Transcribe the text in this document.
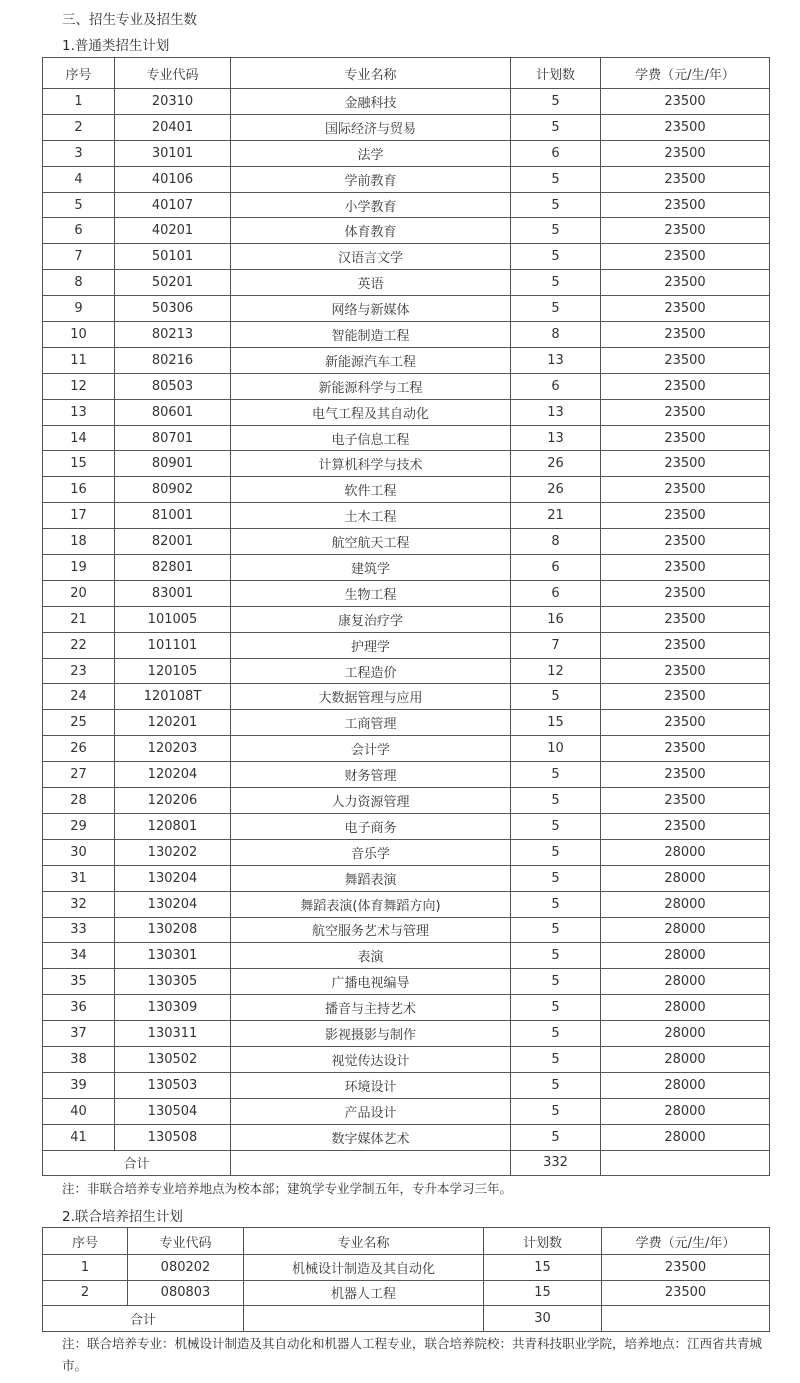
三、招生专业及招生数
1.普通类招生计划
序号	专业代码	专业名称	计划数	学费（元/生/年）
1	20310	金融科技	5	23500
2	20401	国际经济与贸易	5	23500
3	30101	法学	6	23500
4	40106	学前教育	5	23500
5	40107	小学教育	5	23500
6	40201	体育教育	5	23500
7	50101	汉语言文学	5	23500
8	50201	英语	5	23500
9	50306	网络与新媒体	5	23500
10	80213	智能制造工程	8	23500
11	80216	新能源汽车工程	13	23500
12	80503	新能源科学与工程	6	23500
13	80601	电气工程及其自动化	13	23500
14	80701	电子信息工程	13	23500
15	80901	计算机科学与技术	26	23500
16	80902	软件工程	26	23500
17	81001	土木工程	21	23500
18	82001	航空航天工程	8	23500
19	82801	建筑学	6	23500
20	83001	生物工程	6	23500
21	101005	康复治疗学	16	23500
22	101101	护理学	7	23500
23	120105	工程造价	12	23500
24	120108T	大数据管理与应用	5	23500
25	120201	工商管理	15	23500
26	120203	会计学	10	23500
27	120204	财务管理	5	23500
28	120206	人力资源管理	5	23500
29	120801	电子商务	5	23500
30	130202	音乐学	5	28000
31	130204	舞蹈表演	5	28000
32	130204	舞蹈表演(体育舞蹈方向)	5	28000
33	130208	航空服务艺术与管理	5	28000
34	130301	表演	5	28000
35	130305	广播电视编导	5	28000
36	130309	播音与主持艺术	5	28000
37	130311	影视摄影与制作	5	28000
38	130502	视觉传达设计	5	28000
39	130503	环境设计	5	28000
40	130504	产品设计	5	28000
41	130508	数字媒体艺术	5	28000
合计			332	
注：非联合培养专业培养地点为校本部；建筑学专业学制五年，专升本学习三年。
2.联合培养招生计划
序号	专业代码	专业名称	计划数	学费（元/生/年）
1	080202	机械设计制造及其自动化	15	23500
2	080803	机器人工程	15	23500
合计			30	
注：联合培养专业：机械设计制造及其自动化和机器人工程专业，联合培养院校：共青科技职业学院，培养地点：江西省共青城市。
